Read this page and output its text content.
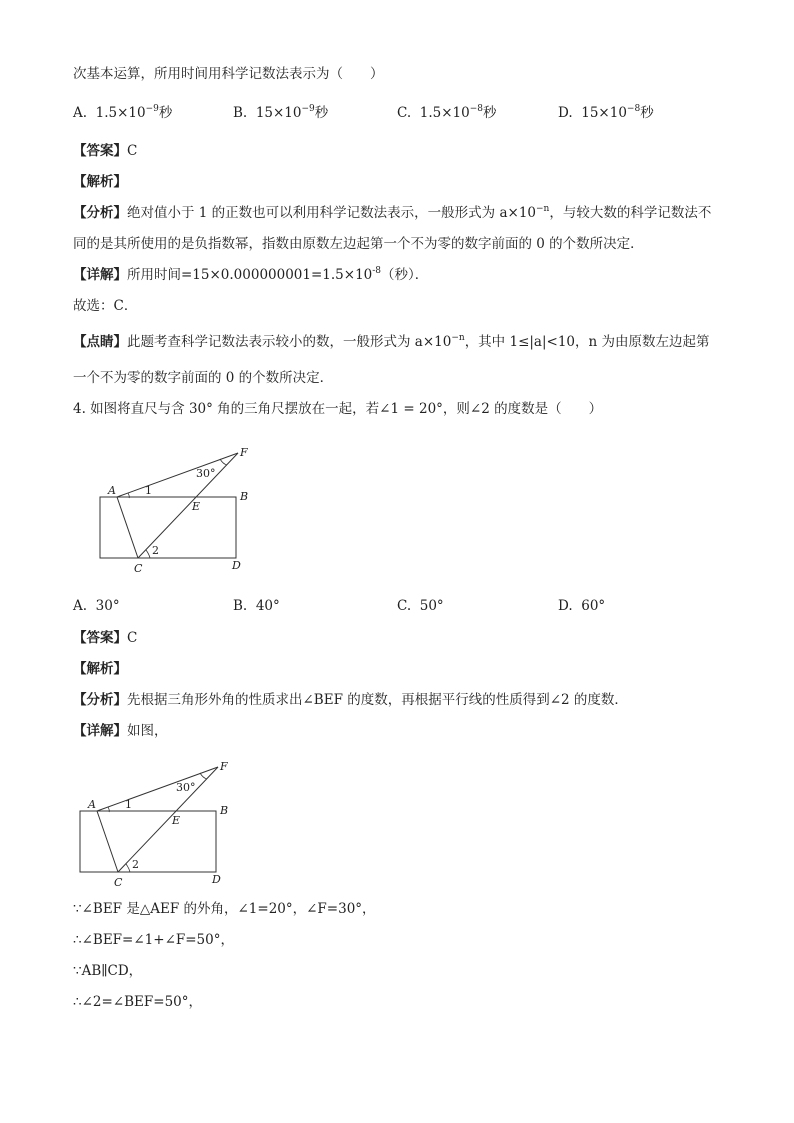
次基本运算，所用时间用科学记数法表示为（　　）
A. $1.5\times 10^{-9}$秒	B. $15\times 10^{-9}$秒	C. $1.5\times 10^{-8}$秒	D. $15\times 10^{-8}$秒
【答案】C
【解析】
【分析】绝对值小于 1 的正数也可以利用科学记数法表示，一般形式为 $a\times 10^{-n}$，与较大数的科学记数法不
同的是其所使用的是负指数幂，指数由原数左边起第一个不为零的数字前面的 0 的个数所决定．
【详解】所用时间$=15\times 0.000000001=1.5\times 10^{-8}$（秒）．
故选：C．
【点睛】此题考查科学记数法表示较小的数，一般形式为 $a\times 10^{-n}$，其中 1≤|a|<10，n 为由原数左边起第
一个不为零的数字前面的 0 的个数所决定．
4. 如图将直尺与含 30° 角的三角尺摆放在一起，若∠1 = 20°，则∠2 的度数是（　　）
A	B
C	D
E
F
1
2
30°
A. 30°	B. 40°	C. 50°	D. 60°
【答案】C
【解析】
【分析】先根据三角形外角的性质求出∠BEF 的度数，再根据平行线的性质得到∠2 的度数．
【详解】如图，
A	B
C	D
E
F
1
2
30°
∵∠BEF 是△AEF 的外角，∠1=20°，∠F=30°，
∴∠BEF=∠1+∠F=50°，
∵AB∥CD，
∴∠2=∠BEF=50°，
